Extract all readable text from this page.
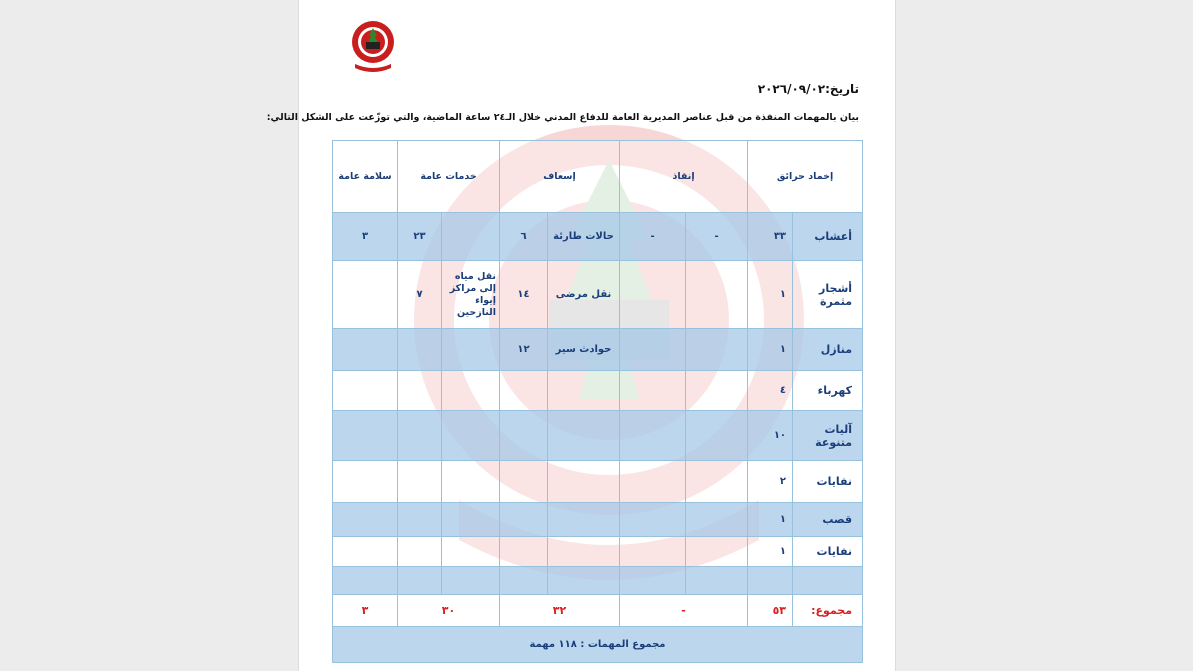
تاريخ:٢٠٢٦/٠٩/٠٢
بيان بالمهمات المنفذة من قبل عناصر المديرية العامة للدفاع المدني خلال الـ٢٤ ساعة الماضية، والتي توزّعت على الشكل التالي:
إخماد حرائق		إنقاذ		إسعاف		خدمات عامة		سلامة عامة
أعشاب	٣٣	-	-	حالات طارئة	٦		٢٣	٣
أشجار مثمرة	١			نقل مرضى	١٤	نقل مياه إلى مراكز إيواء النازحين	٧	
منازل	١			حوادث سير	١٢			
كهرباء	٤							
آليات متنوعة	١٠							
نفايات	٢							
قصب	١							
نفايات	١							

مجموع:	٥٣	-		٣٢		٣٠		٣
مجموع المهمات : ١١٨ مهمة								
